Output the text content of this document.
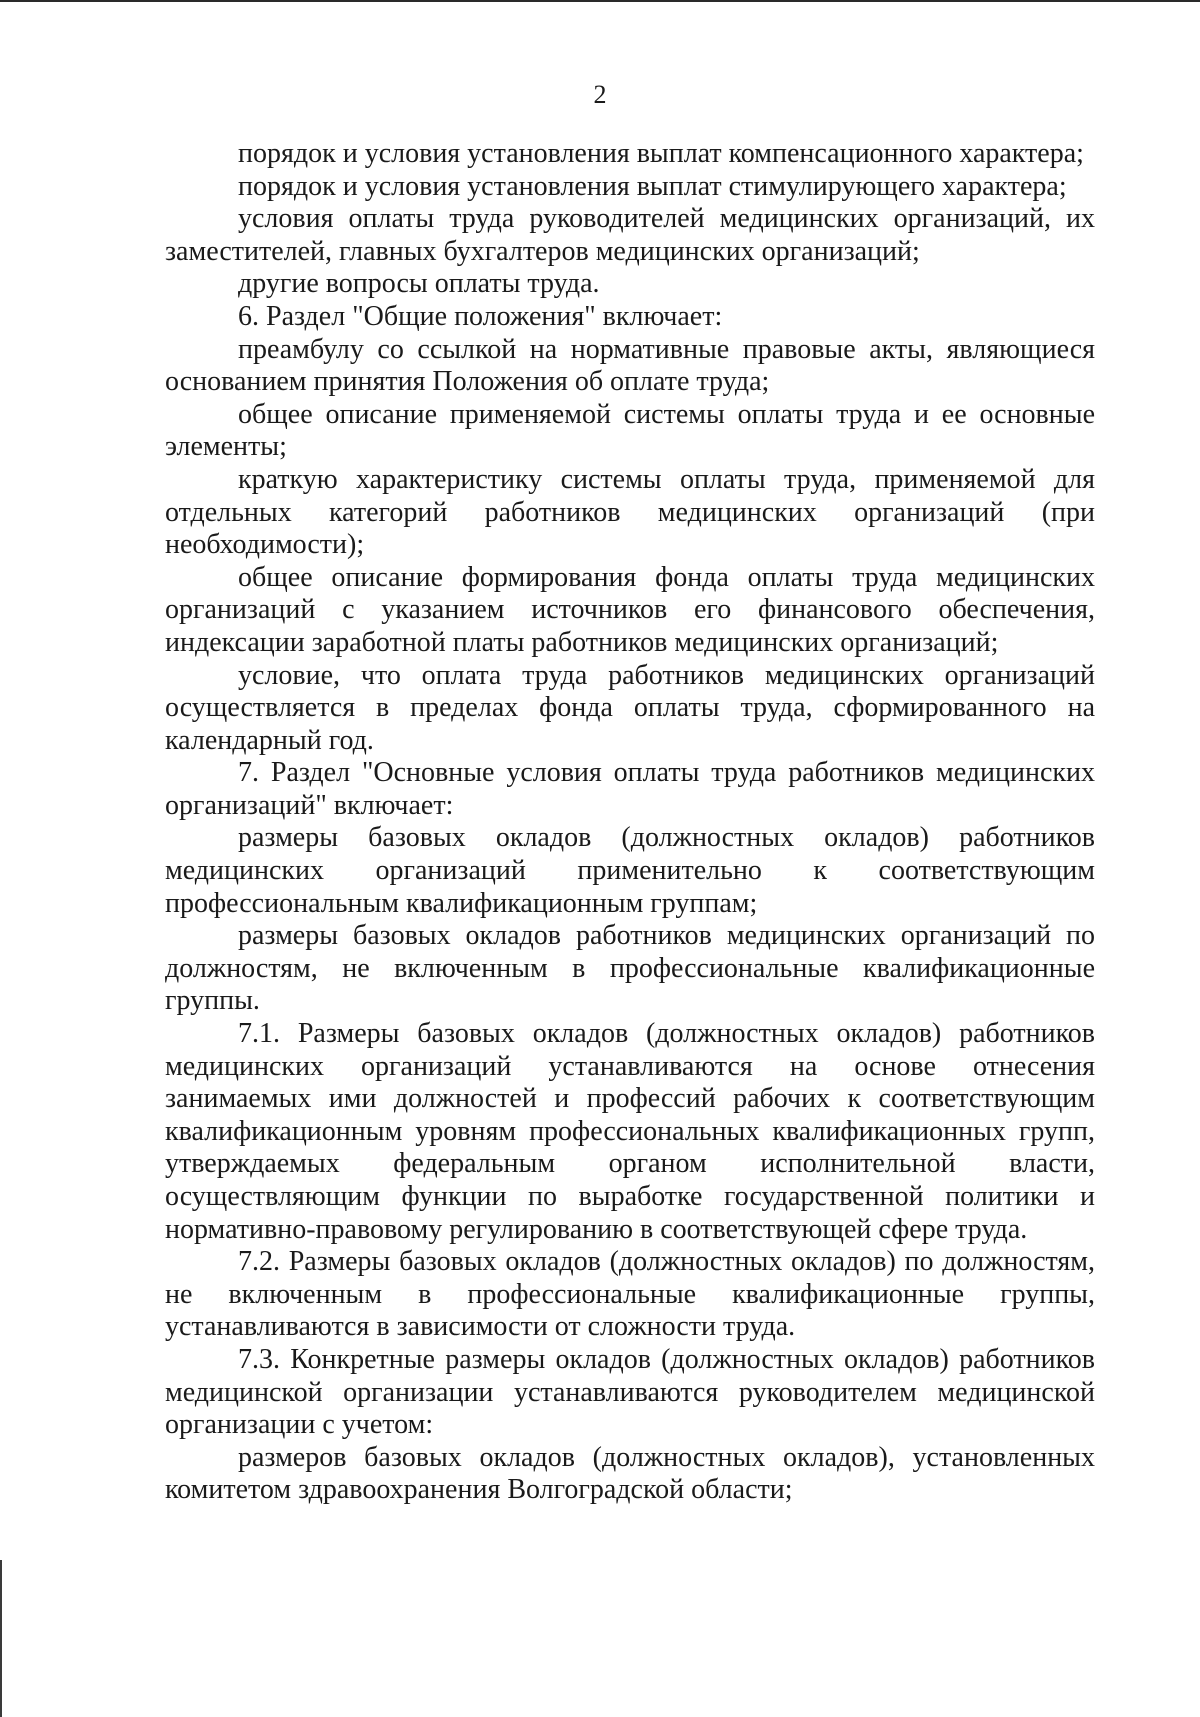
2

порядок и условия установления выплат компенсационного характера;

порядок и условия установления выплат стимулирующего характера;

условия оплаты труда руководителей медицинских организаций, их заместителей, главных бухгалтеров медицинских организаций;

другие вопросы оплаты труда.

6. Раздел "Общие положения" включает:

преамбулу со ссылкой на нормативные правовые акты, являющиеся основанием принятия Положения об оплате труда;

общее описание применяемой системы оплаты труда и ее основные элементы;

краткую характеристику системы оплаты труда, применяемой для отдельных категорий работников медицинских организаций (при необходимости);

общее описание формирования фонда оплаты труда медицинских организаций с указанием источников его финансового обеспечения, индексации заработной платы работников медицинских организаций;

условие, что оплата труда работников медицинских организаций осуществляется в пределах фонда оплаты труда, сформированного на календарный год.

7. Раздел "Основные условия оплаты труда работников медицинских организаций" включает:

размеры базовых окладов (должностных окладов) работников медицинских организаций применительно к соответствующим профессиональным квалификационным группам;

размеры базовых окладов работников медицинских организаций по должностям, не включенным в профессиональные квалификационные группы.

7.1. Размеры базовых окладов (должностных окладов) работников медицинских организаций устанавливаются на основе отнесения занимаемых ими должностей и профессий рабочих к соответствующим квалификационным уровням профессиональных квалификационных групп, утверждаемых федеральным органом исполнительной власти, осуществляющим функции по выработке государственной политики и нормативно-правовому регулированию в соответствующей сфере труда.

7.2. Размеры базовых окладов (должностных окладов) по должностям, не включенным в профессиональные квалификационные группы, устанавливаются в зависимости от сложности труда.

7.3. Конкретные размеры окладов (должностных окладов) работников медицинской организации устанавливаются руководителем медицинской организации с учетом:

размеров базовых окладов (должностных окладов), установленных комитетом здравоохранения Волгоградской области;
